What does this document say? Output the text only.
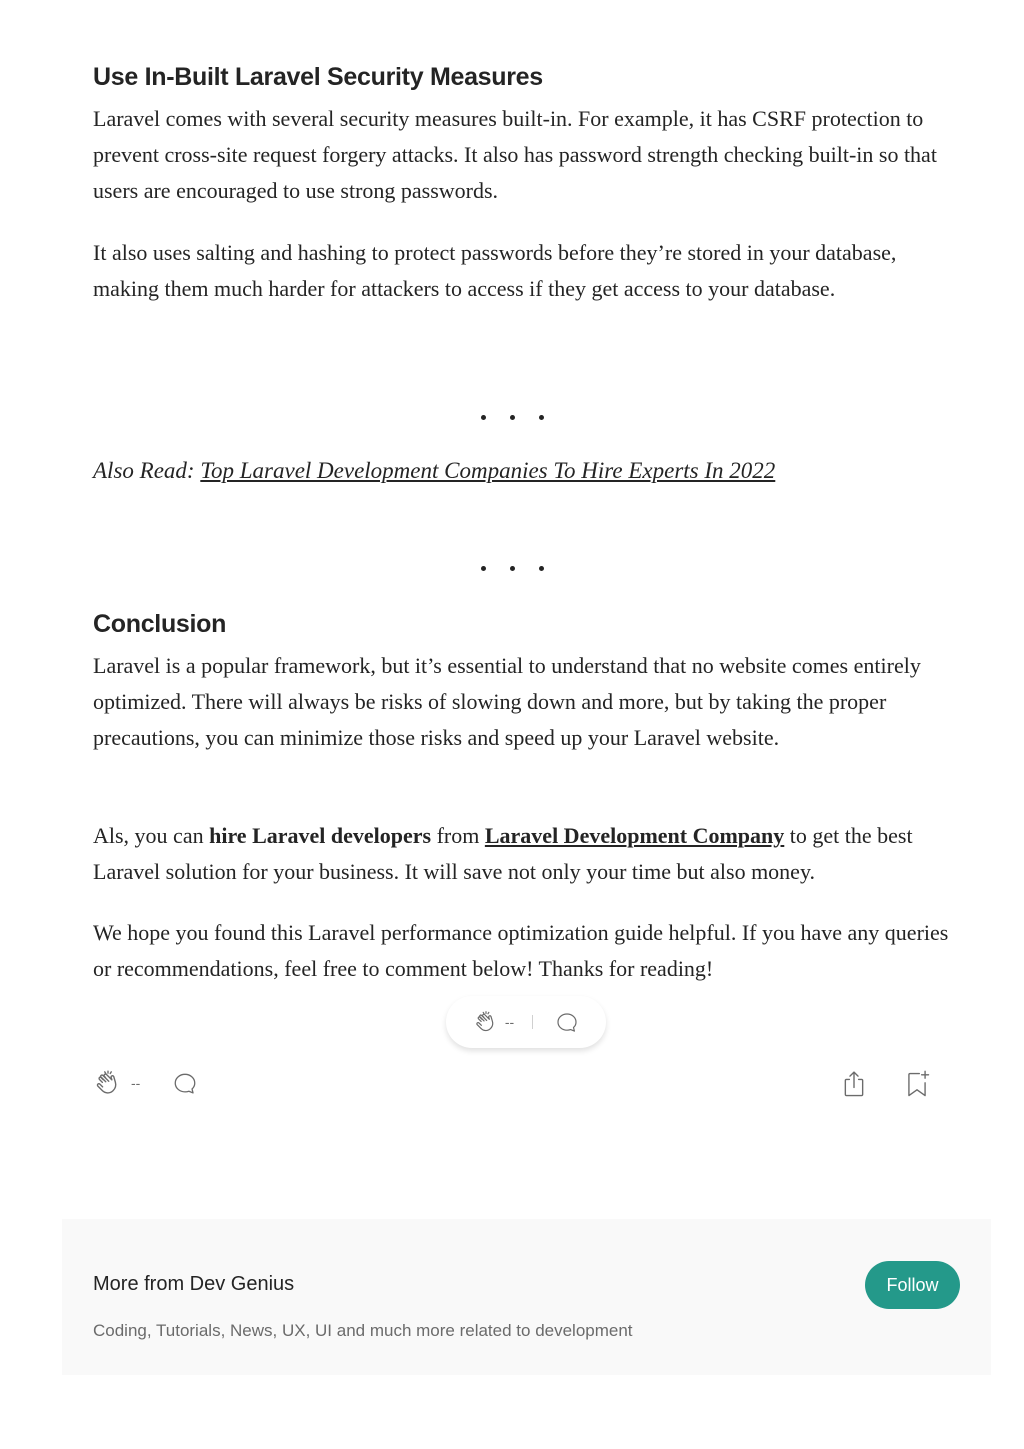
Use In-Built Laravel Security Measures

Laravel comes with several security measures built-in. For example, it has CSRF protection to prevent cross-site request forgery attacks. It also has password strength checking built-in so that users are encouraged to use strong passwords.

It also uses salting and hashing to protect passwords before they’re stored in your database, making them much harder for attackers to access if they get access to your database.

Also Read: Top Laravel Development Companies To Hire Experts In 2022
Conclusion

Laravel is a popular framework, but it’s essential to understand that no website comes entirely optimized. There will always be risks of slowing down and more, but by taking the proper precautions, you can minimize those risks and speed up your Laravel website.

Als, you can hire Laravel developers from Laravel Development Company to get the best Laravel solution for your business. It will save not only your time but also money.

We hope you found this Laravel performance optimization guide helpful. If you have any queries or recommendations, feel free to comment below! Thanks for reading!

--
--
More from Dev Genius
Coding, Tutorials, News, UX, UI and much more related to development
Follow
